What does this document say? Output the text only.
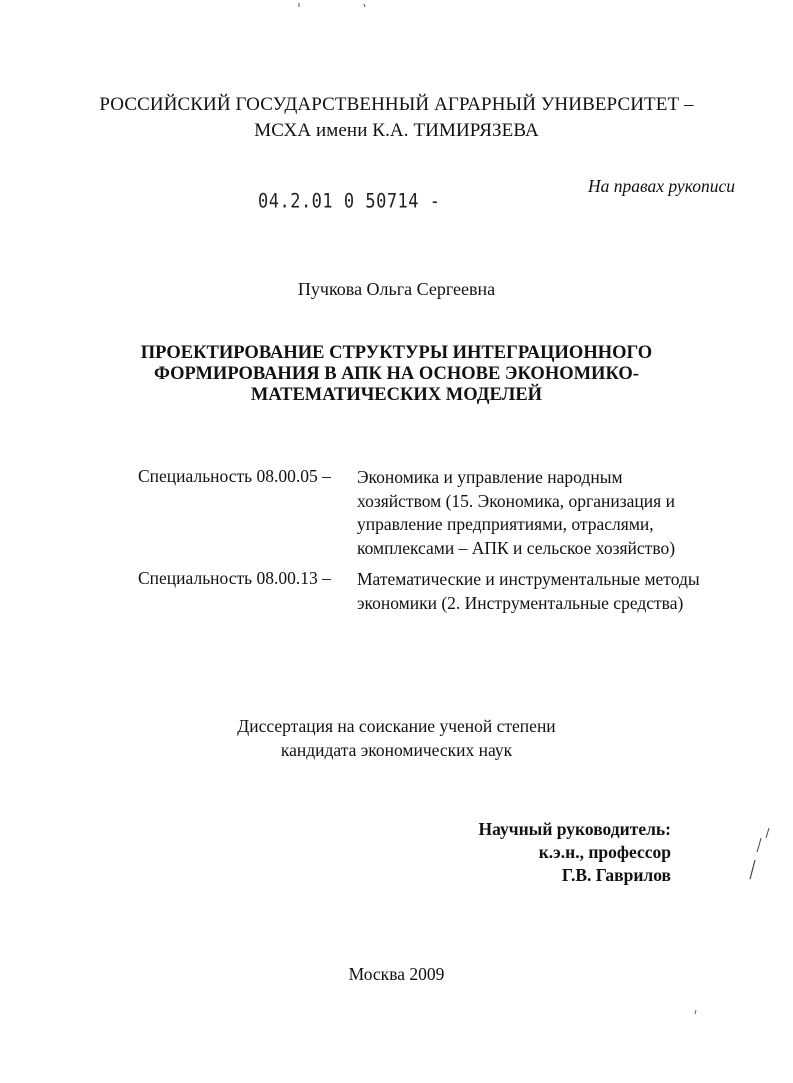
РОССИЙСКИЙ ГОСУДАРСТВЕННЫЙ АГРАРНЫЙ УНИВЕРСИТЕТ –
МСХА имени К.А. ТИМИРЯЗЕВА
На правах рукописи
04.2.01 0 50714 -
Пучкова Ольга Сергеевна
ПРОЕКТИРОВАНИЕ СТРУКТУРЫ ИНТЕГРАЦИОННОГО
ФОРМИРОВАНИЯ В АПК НА ОСНОВЕ ЭКОНОМИКО-
МАТЕМАТИЧЕСКИХ МОДЕЛЕЙ
Специальность 08.00.05 – Экономика и управление народным
хозяйством (15. Экономика, организация и
управление предприятиями, отраслями,
комплексами – АПК и сельское хозяйство)
Специальность 08.00.13 – Математические и инструментальные методы
экономики (2. Инструментальные средства)
Диссертация на соискание ученой степени
кандидата экономических наук
Научный руководитель:
к.э.н., профессор
Г.В. Гаврилов
Москва 2009
